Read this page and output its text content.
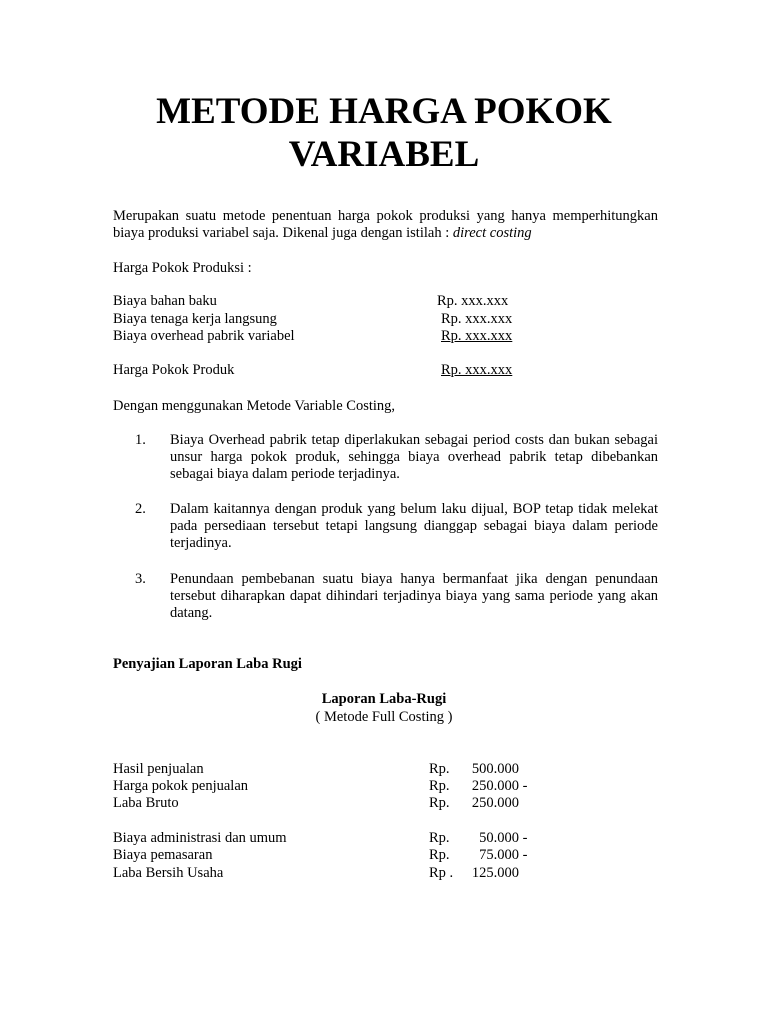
METODE HARGA POKOK
VARIABEL

Merupakan suatu metode penentuan harga pokok produksi yang hanya memperhitungkan biaya produksi variabel saja. Dikenal juga dengan istilah : direct costing

Harga Pokok Produksi :

Biaya bahan baku	Rp. xxx.xxx
Biaya tenaga kerja langsung	Rp. xxx.xxx
Biaya overhead pabrik variabel	Rp. xxx.xxx
Harga Pokok Produk	Rp. xxx.xxx

Dengan menggunakan Metode Variable Costing,

1. Biaya Overhead pabrik tetap diperlakukan sebagai period costs dan bukan sebagai unsur harga pokok produk, sehingga biaya overhead pabrik tetap dibebankan sebagai biaya dalam periode terjadinya.

2. Dalam kaitannya dengan produk yang belum laku dijual, BOP tetap tidak melekat pada persediaan tersebut tetapi langsung dianggap sebagai biaya dalam periode terjadinya.

3. Penundaan pembebanan suatu biaya hanya bermanfaat jika dengan penundaan tersebut diharapkan dapat dihindari terjadinya biaya yang sama periode yang akan datang.

Penyajian Laporan Laba Rugi

Laporan Laba-Rugi
( Metode Full Costing )
Hasil penjualan	Rp. 500.000
Harga pokok penjualan	Rp. 250.000 -
Laba Bruto	Rp. 250.000
Biaya administrasi dan umum	Rp. 50.000 -
Biaya pemasaran	Rp. 75.000 -
Laba Bersih Usaha	Rp . 125.000
